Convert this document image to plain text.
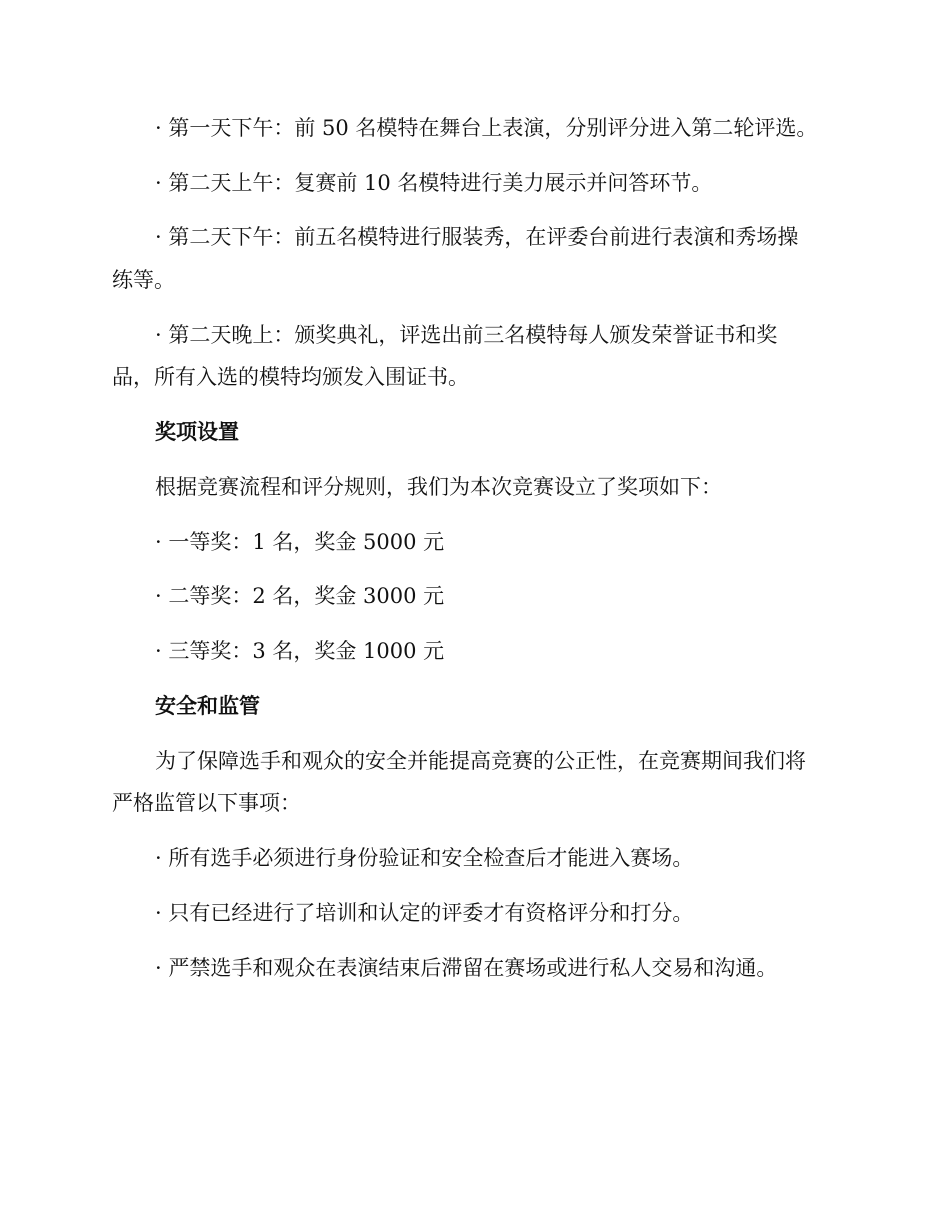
· 第一天下午：前 50 名模特在舞台上表演，分别评分进入第二轮评选。
· 第二天上午：复赛前 10 名模特进行美力展示并问答环节。
· 第二天下午：前五名模特进行服装秀，在评委台前进行表演和秀场操
练等。
· 第二天晚上：颁奖典礼，评选出前三名模特每人颁发荣誉证书和奖
品，所有入选的模特均颁发入围证书。
奖项设置
根据竞赛流程和评分规则，我们为本次竞赛设立了奖项如下：
· 一等奖：1 名，奖金 5000 元
· 二等奖：2 名，奖金 3000 元
· 三等奖：3 名，奖金 1000 元
安全和监管
为了保障选手和观众的安全并能提高竞赛的公正性，在竞赛期间我们将
严格监管以下事项：
· 所有选手必须进行身份验证和安全检查后才能进入赛场。
· 只有已经进行了培训和认定的评委才有资格评分和打分。
· 严禁选手和观众在表演结束后滞留在赛场或进行私人交易和沟通。
